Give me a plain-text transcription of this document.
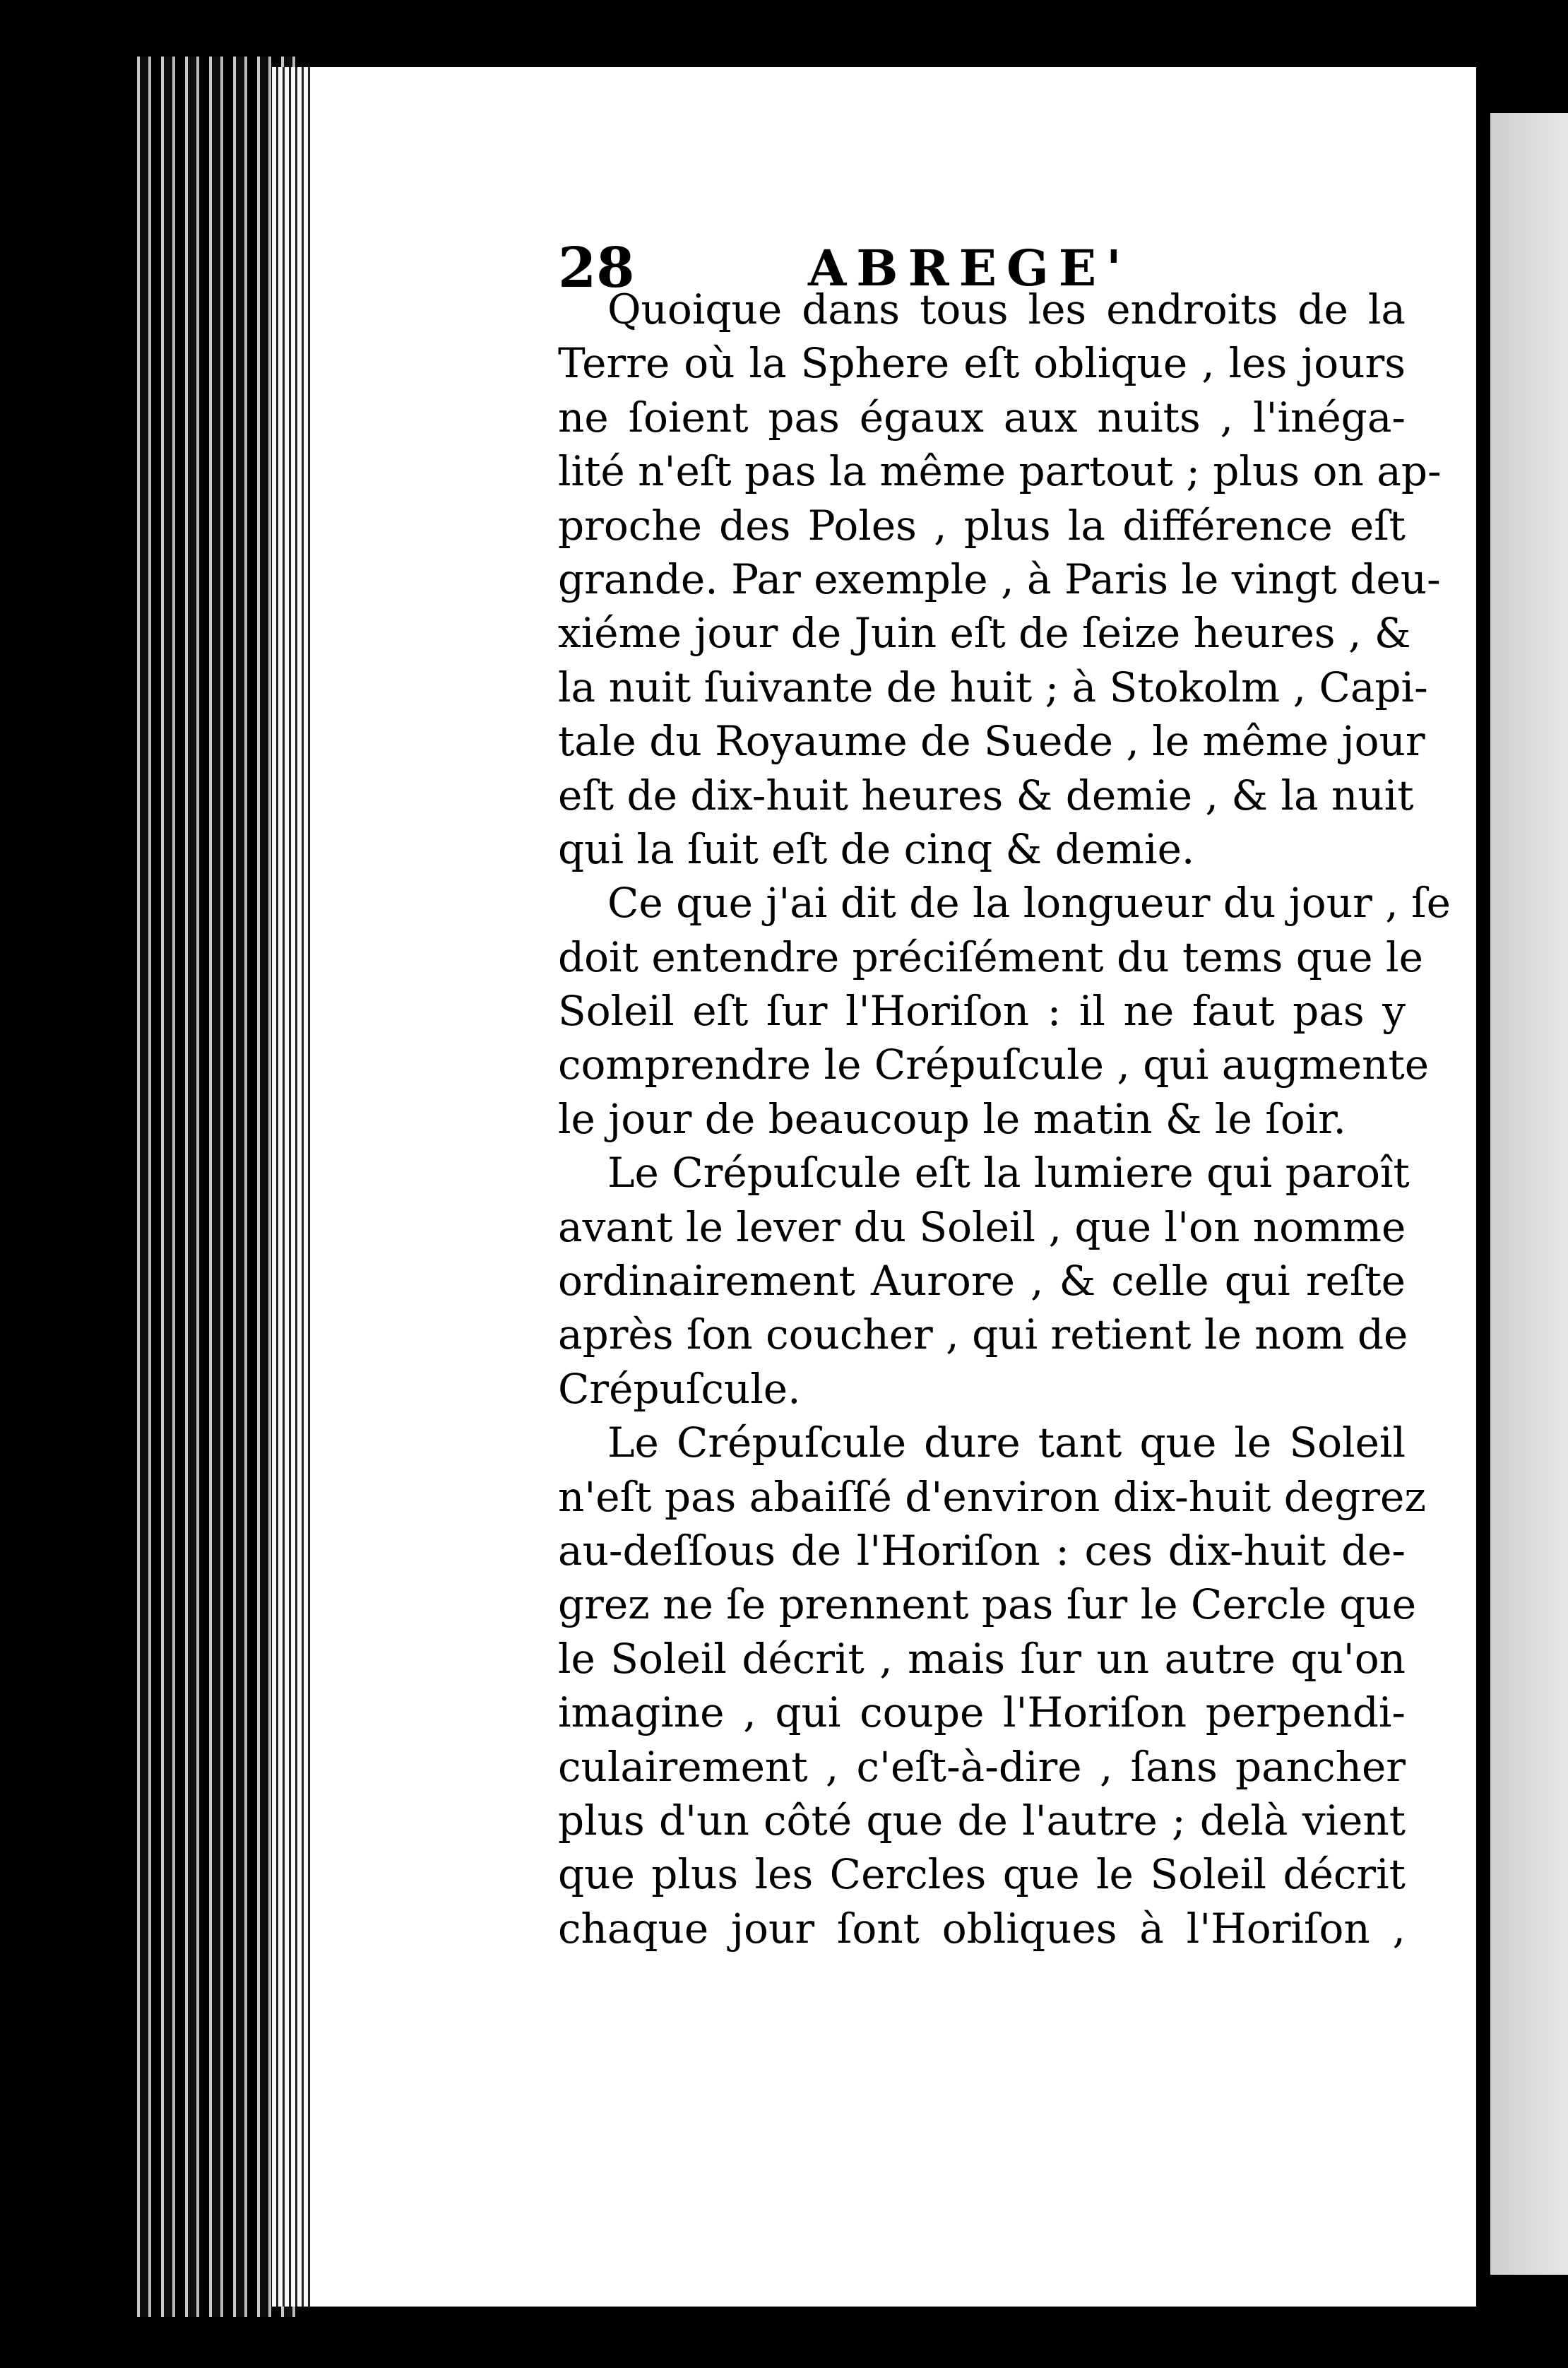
28	ABREGE'
Quoique dans tous les endroits de la
Terre où la Sphere eſt oblique , les jours
ne ſoient pas égaux aux nuits , l'inéga-
lité n'eſt pas la même partout ; plus on ap-
proche des Poles , plus la différence eſt
grande. Par exemple , à Paris le vingt deu-
xiéme jour de Juin eſt de ſeize heures , &
la nuit ſuivante de huit ; à Stokolm , Capi-
tale du Royaume de Suede , le même jour
eſt de dix-huit heures & demie , & la nuit
qui la ſuit eſt de cinq & demie.
Ce que j'ai dit de la longueur du jour , ſe
doit entendre préciſément du tems que le
Soleil eſt ſur l'Horiſon : il ne faut pas y
comprendre le Crépuſcule , qui augmente
le jour de beaucoup le matin & le ſoir.
Le Crépuſcule eſt la lumiere qui paroît
avant le lever du Soleil , que l'on nomme
ordinairement Aurore , & celle qui reſte
après ſon coucher , qui retient le nom de
Crépuſcule.
Le Crépuſcule dure tant que le Soleil
n'eſt pas abaiſſé d'environ dix-huit degrez
au-deſſous de l'Horiſon : ces dix-huit de-
grez ne ſe prennent pas ſur le Cercle que
le Soleil décrit , mais ſur un autre qu'on
imagine , qui coupe l'Horiſon perpendi-
culairement , c'eſt-à-dire , ſans pancher
plus d'un côté que de l'autre ; delà vient
que plus les Cercles que le Soleil décrit
chaque jour ſont obliques à l'Horiſon ,
